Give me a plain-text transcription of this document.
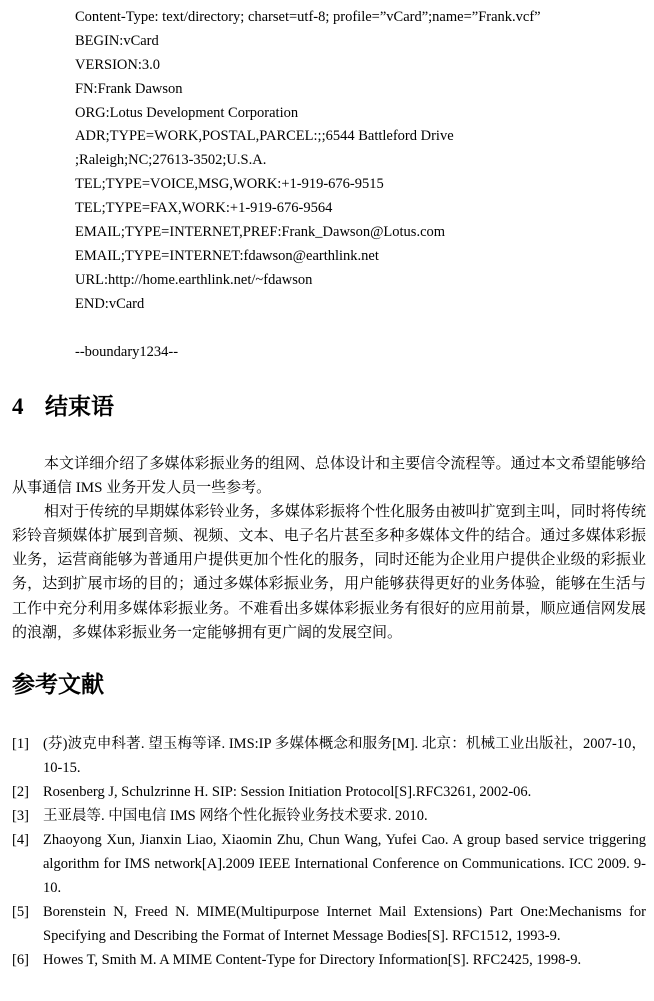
Content-Type: text/directory; charset=utf-8; profile=”vCard”;name=”Frank.vcf”
BEGIN:vCard
VERSION:3.0
FN:Frank Dawson
ORG:Lotus Development Corporation
ADR;TYPE=WORK,POSTAL,PARCEL:;;6544 Battleford Drive
;Raleigh;NC;27613-3502;U.S.A.
TEL;TYPE=VOICE,MSG,WORK:+1-919-676-9515
TEL;TYPE=FAX,WORK:+1-919-676-9564
EMAIL;TYPE=INTERNET,PREF:Frank_Dawson@Lotus.com
EMAIL;TYPE=INTERNET:fdawson@earthlink.net
URL:http://home.earthlink.net/~fdawson
END:vCard
--boundary1234--
4 结束语

本文详细介绍了多媒体彩振业务的组网、总体设计和主要信令流程等。通过本文希望能够给从事通信 IMS 业务开发人员一些参考。

相对于传统的早期媒体彩铃业务，多媒体彩振将个性化服务由被叫扩宽到主叫，同时将传统彩铃音频媒体扩展到音频、视频、文本、电子名片甚至多种多媒体文件的结合。通过多媒体彩振业务，运营商能够为普通用户提供更加个性化的服务，同时还能为企业用户提供企业级的彩振业务，达到扩展市场的目的；通过多媒体彩振业务，用户能够获得更好的业务体验，能够在生活与工作中充分利用多媒体彩振业务。不难看出多媒体彩振业务有很好的应用前景，顺应通信网发展的浪潮，多媒体彩振业务一定能够拥有更广阔的发展空间。

参考文献
[1] (芬)波克申科著. 望玉梅等译. IMS:IP 多媒体概念和服务[M]. 北京：机械工业出版社，2007-10，10-15.
[2] Rosenberg J, Schulzrinne H. SIP: Session Initiation Protocol[S].RFC3261, 2002-06.
[3] 王亚晨等. 中国电信 IMS 网络个性化振铃业务技术要求. 2010.
[4] Zhaoyong Xun, Jianxin Liao, Xiaomin Zhu, Chun Wang, Yufei Cao. A group based service triggering algorithm for IMS network[A].2009 IEEE International Conference on Communications. ICC 2009. 9-10.
[5] Borenstein N, Freed N. MIME(Multipurpose Internet Mail Extensions) Part One:Mechanisms for Specifying and Describing the Format of Internet Message Bodies[S]. RFC1512, 1993-9.
[6] Howes T, Smith M. A MIME Content-Type for Directory Information[S]. RFC2425, 1998-9.
